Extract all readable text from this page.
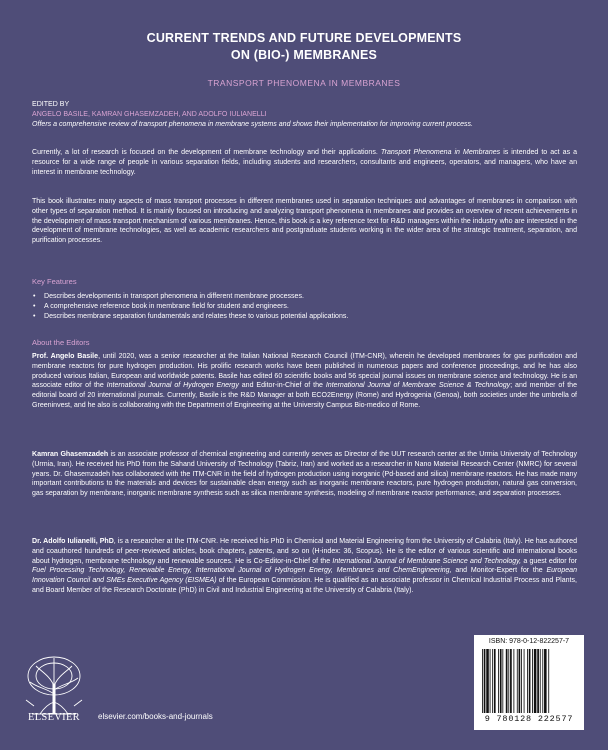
CURRENT TRENDS AND FUTURE DEVELOPMENTS
ON (BIO-) MEMBRANES
TRANSPORT PHENOMENA IN MEMBRANES
EDITED BY
ANGELO BASILE, KAMRAN GHASEMZADEH, AND ADOLFO IULIANELLI
Offers a comprehensive review of transport phenomena in membrane systems and shows their implementation for improving current process.
Currently, a lot of research is focused on the development of membrane technology and their applications. Transport Phenomena in Membranes is intended to act as a resource for a wide range of people in various separation fields, including students and researchers, consultants and engineers, operators, and managers, who have an interest in membrane technology.
This book illustrates many aspects of mass transport processes in different membranes used in separation techniques and advantages of membranes in comparison with other types of separation method. It is mainly focused on introducing and analyzing transport phenomena in membranes and provides an overview of recent achievements in the development of mass transport mechanism of various membranes. Hence, this book is a key reference text for R&D managers within the industry who are interested in the development of membrane technologies, as well as academic researchers and postgraduate students working in the wider area of the strategic treatment, separation, and purification processes.
Key Features
• Describes developments in transport phenomena in different membrane processes.
• A comprehensive reference book in membrane field for student and engineers.
• Describes membrane separation fundamentals and relates these to various potential applications.
About the Editors
Prof. Angelo Basile, until 2020, was a senior researcher at the Italian National Research Council (ITM-CNR), wherein he developed membranes for gas purification and membrane reactors for pure hydrogen production. His prolific research works have been published in numerous papers and conference proceedings, and he has also produced various Italian, European and worldwide patents. Basile has edited 60 scientific books and 56 special journal issues on membrane science and technology. He is an associate editor of the International Journal of Hydrogen Energy and Editor-in-Chief of the International Journal of Membrane Science & Technology; and member of the editorial board of 20 international journals. Currently, Basile is the R&D Manager at both ECO2Energy (Rome) and Hydrogenia (Genoa), both societies under the umbrella of Greeninvest, and he also is collaborating with the Department of Engineering at the University Campus Bio-medico of Rome.
Kamran Ghasemzadeh is an associate professor of chemical engineering and currently serves as Director of the UUT research center at the Urmia University of Technology (Urmia, Iran). He received his PhD from the Sahand University of Technology (Tabriz, Iran) and worked as a researcher in Nano Material Research Center (NMRC) for several years. Dr. Ghasemzadeh has collaborated with the ITM-CNR in the field of hydrogen production using inorganic (Pd-based and silica) membrane reactors. He has made many important contributions to the materials and devices for sustainable clean energy such as inorganic membrane reactors, pure hydrogen production, natural gas conversion, gas separation by membrane, inorganic membrane synthesis such as silica membrane synthesis, modeling of membrane reactor performance, and separation processes.
Dr. Adolfo Iulianelli, PhD, is a researcher at the ITM-CNR. He received his PhD in Chemical and Material Engineering from the University of Calabria (Italy). He has authored and coauthored hundreds of peer-reviewed articles, book chapters, patents, and so on (H-index: 36, Scopus). He is the editor of various scientific and international books about hydrogen, membrane technology and renewable sources. He is Co-Editor-in-Chief of the International Journal of Membrane Science and Technology, a guest editor for Fuel Processing Technology, Renewable Energy, International Journal of Hydrogen Energy, Membranes and ChemEngineering, and Monitor-Expert for the European Innovation Council and SMEs Executive Agency (EISMEA) of the European Commission. He is qualified as an associate professor in Chemical Industrial Process and Plants, and Board Member of the Research Doctorate (PhD) in Civil and Industrial Engineering at the University of Calabria (Italy).
ELSEVIER	elsevier.com/books-and-journals
ISBN: 978-0-12-822257-7
9 780128 222577
